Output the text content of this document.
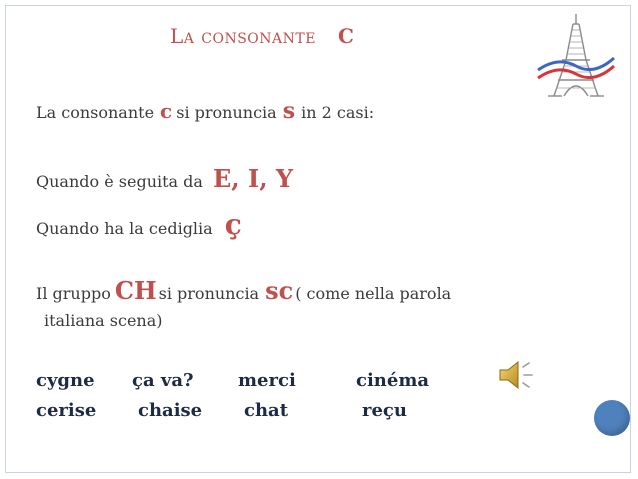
La consonante C
La consonante c si pronuncia s in 2 casi:
Quando è seguita da E, I, Y
Quando ha la cediglia ç
Il gruppo CH si pronuncia sc ( come nella parola
italiana scena)
cygne ça va? merci	cinéma
cerise chaise chat	reçu
